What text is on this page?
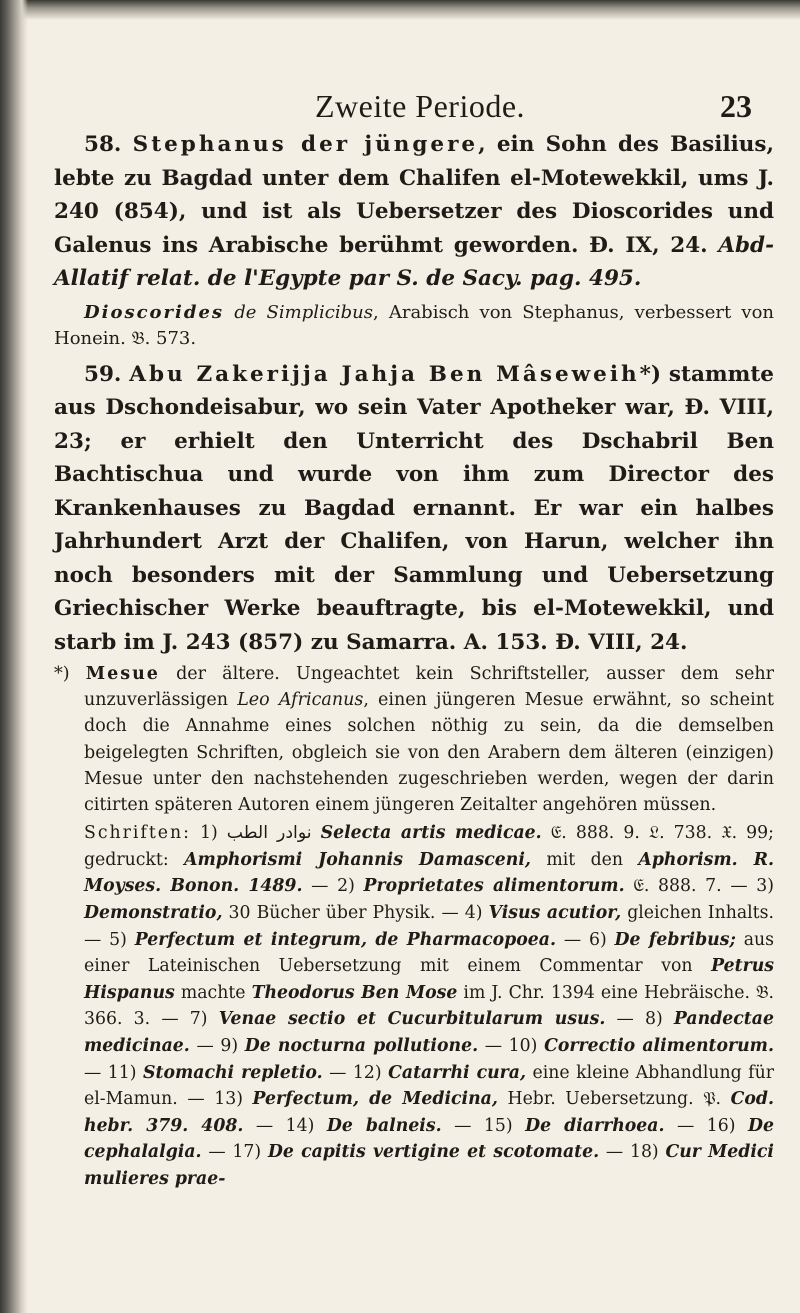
Zweite Periode.	23

58. Stephanus der jüngere, ein Sohn des Basilius, lebte zu Bagdad unter dem Chalifen el-Motewekkil, ums J. 240 (854), und ist als Uebersetzer des Dioscorides und Galenus ins Arabische berühmt geworden. Ð. IX, 24. Abd-Allatif relat. de l'Egypte par S. de Sacy. pag. 495.

Dioscorides de Simplicibus, Arabisch von Stephanus, verbessert von Honein. 𝔅. 573.

59. Abu Zakerijja Jahja Ben Mâseweih*) stammte aus Dschondeisabur, wo sein Vater Apotheker war, Ð. VIII, 23; er erhielt den Unterricht des Dschabril Ben Bachtischua und wurde von ihm zum Director des Krankenhauses zu Bagdad ernannt. Er war ein halbes Jahrhundert Arzt der Chalifen, von Harun, welcher ihn noch besonders mit der Sammlung und Uebersetzung Griechischer Werke beauftragte, bis el-Motewekkil, und starb im J. 243 (857) zu Samarra. A. 153. Ð. VIII, 24.

*) Mesue der ältere. Ungeachtet kein Schriftsteller, ausser dem sehr unzuverlässigen Leo Africanus, einen jüngeren Mesue erwähnt, so scheint doch die Annahme eines solchen nöthig zu sein, da die demselben beigelegten Schriften, obgleich sie von den Arabern dem älteren (einzigen) Mesue unter den nachstehenden zugeschrieben werden, wegen der darin citirten späteren Autoren einem jüngeren Zeitalter angehören müssen.

Schriften: 1) نوادر الطب Selecta artis medicae. 𝔈. 888. 9. 𝔏. 738. 𝔛. 99; gedruckt: Amphorismi Johannis Damasceni, mit den Aphorism. R. Moyses. Bonon. 1489. — 2) Proprietates alimentorum. 𝔈. 888. 7. — 3) Demonstratio, 30 Bücher über Physik. — 4) Visus acutior, gleichen Inhalts. — 5) Perfectum et integrum, de Pharmacopoea. — 6) De febribus; aus einer Lateinischen Uebersetzung mit einem Commentar von Petrus Hispanus machte Theodorus Ben Mose im J. Chr. 1394 eine Hebräische. 𝔅. 366. 3. — 7) Venae sectio et Cucurbitularum usus. — 8) Pandectae medicinae. — 9) De nocturna pollutione. — 10) Correctio alimentorum. — 11) Stomachi repletio. — 12) Catarrhi cura, eine kleine Abhandlung für el-Mamun. — 13) Perfectum, de Medicina, Hebr. Uebersetzung. 𝔓. Cod. hebr. 379. 408. — 14) De balneis. — 15) De diarrhoea. — 16) De cephalalgia. — 17) De capitis vertigine et scotomate. — 18) Cur Medici mulieres prae-
